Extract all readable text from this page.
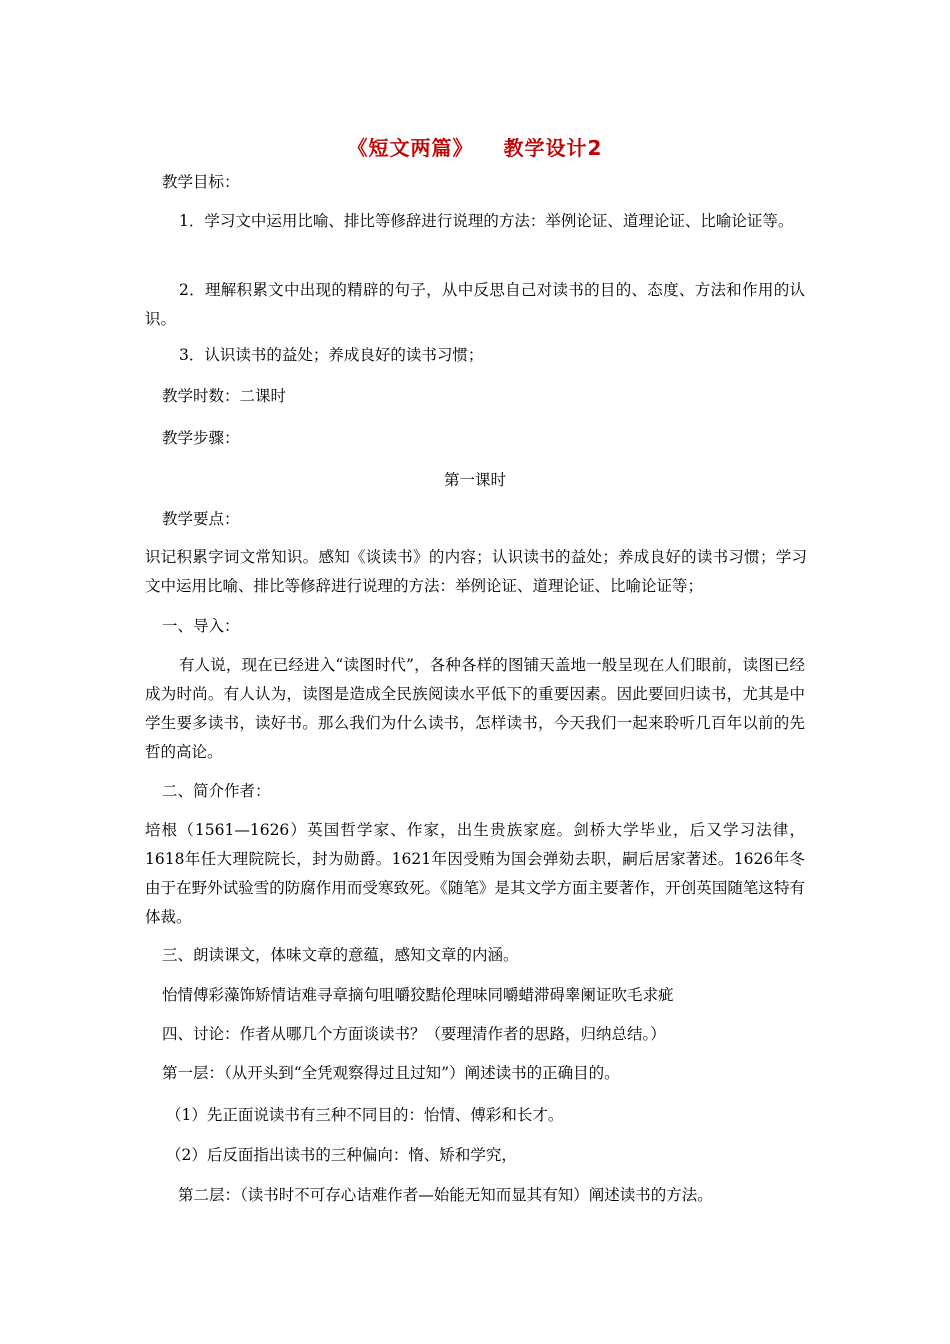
《短文两篇》 教学设计2
教学目标：
1．学习文中运用比喻、排比等修辞进行说理的方法：举例论证、道理论证、比喻论证等。
2．理解积累文中出现的精辟的句子，从中反思自己对读书的目的、态度、方法和作用的认识。
3．认识读书的益处；养成良好的读书习惯；
教学时数：二课时
教学步骤：
第一课时
教学要点：
识记积累字词文常知识。感知《谈读书》的内容；认识读书的益处；养成良好的读书习惯；学习文中运用比喻、排比等修辞进行说理的方法：举例论证、道理论证、比喻论证等；
一、导入：
有人说，现在已经进入“读图时代”，各种各样的图铺天盖地一般呈现在人们眼前，读图已经成为时尚。有人认为，读图是造成全民族阅读水平低下的重要因素。因此要回归读书，尤其是中学生要多读书，读好书。那么我们为什么读书，怎样读书，今天我们一起来聆听几百年以前的先哲的高论。
二、简介作者：
培根（1561—1626）英国哲学家、作家，出生贵族家庭。剑桥大学毕业，后又学习法律，1618年任大理院院长，封为勋爵。1621年因受贿为国会弹劾去职，嗣后居家著述。1626年冬由于在野外试验雪的防腐作用而受寒致死。《随笔》是其文学方面主要著作，开创英国随笔这特有体裁。
三、朗读课文，体味文章的意蕴，感知文章的内涵。
怡情傅彩藻饰矫情诘难寻章摘句咀嚼狡黠伦理味同嚼蜡滞碍睾阑证吹毛求疵
四、讨论：作者从哪几个方面谈读书？（要理清作者的思路，归纳总结。）
第一层：（从开头到“全凭观察得过且过知”）阐述读书的正确目的。
（1）先正面说读书有三种不同目的：怡情、傅彩和长才。
（2）后反面指出读书的三种偏向：惰、矫和学究，
第二层：（读书时不可存心诘难作者—始能无知而显其有知）阐述读书的方法。
